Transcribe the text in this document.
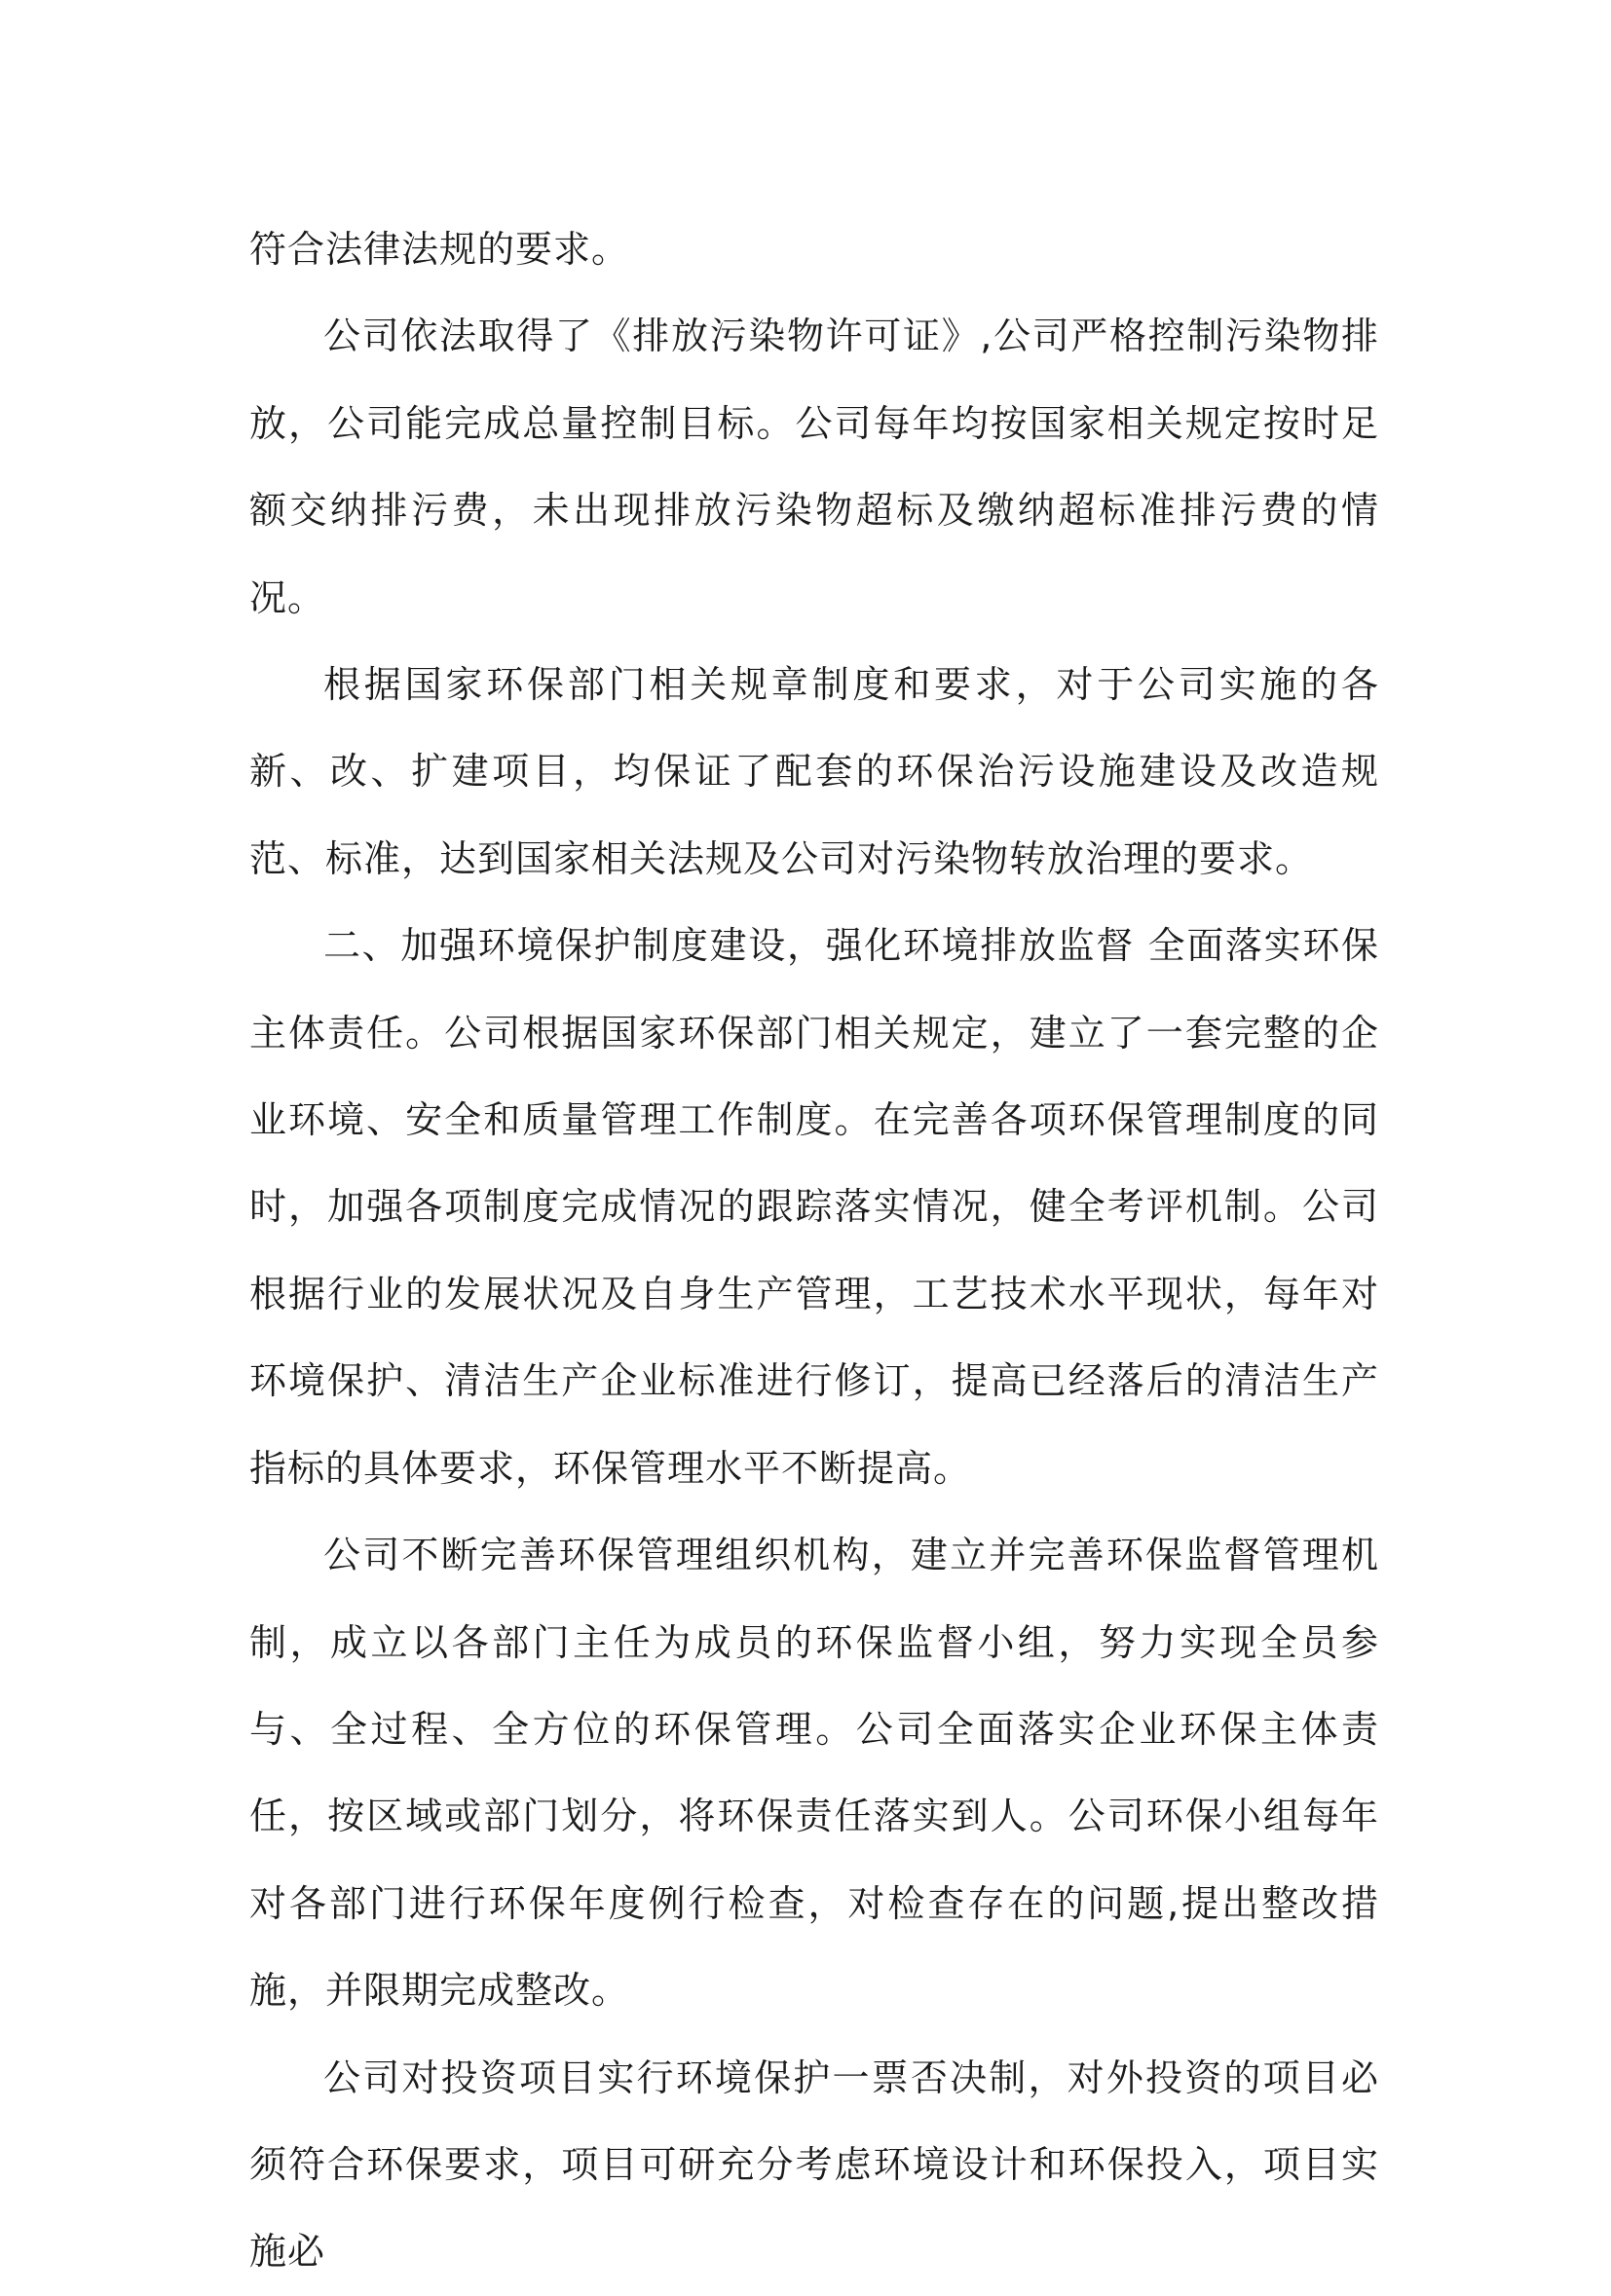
符合法律法规的要求。

公司依法取得了《排放污染物许可证》,公司严格控制污染物排放，公司能完成总量控制目标。公司每年均按国家相关规定按时足额交纳排污费，未出现排放污染物超标及缴纳超标准排污费的情况。

根据国家环保部门相关规章制度和要求，对于公司实施的各新、改、扩建项目，均保证了配套的环保治污设施建设及改造规范、标准，达到国家相关法规及公司对污染物转放治理的要求。

二、加强环境保护制度建设，强化环境排放监督 全面落实环保主体责任。公司根据国家环保部门相关规定，建立了一套完整的企业环境、安全和质量管理工作制度。在完善各项环保管理制度的同时，加强各项制度完成情况的跟踪落实情况，健全考评机制。公司根据行业的发展状况及自身生产管理，工艺技术水平现状，每年对环境保护、清洁生产企业标准进行修订，提高已经落后的清洁生产指标的具体要求，环保管理水平不断提高。

公司不断完善环保管理组织机构，建立并完善环保监督管理机制，成立以各部门主任为成员的环保监督小组，努力实现全员参与、全过程、全方位的环保管理。公司全面落实企业环保主体责任，按区域或部门划分，将环保责任落实到人。公司环保小组每年对各部门进行环保年度例行检查，对检查存在的问题,提出整改措施，并限期完成整改。

公司对投资项目实行环境保护一票否决制，对外投资的项目必须符合环保要求，项目可研充分考虑环境设计和环保投入，项目实施必
